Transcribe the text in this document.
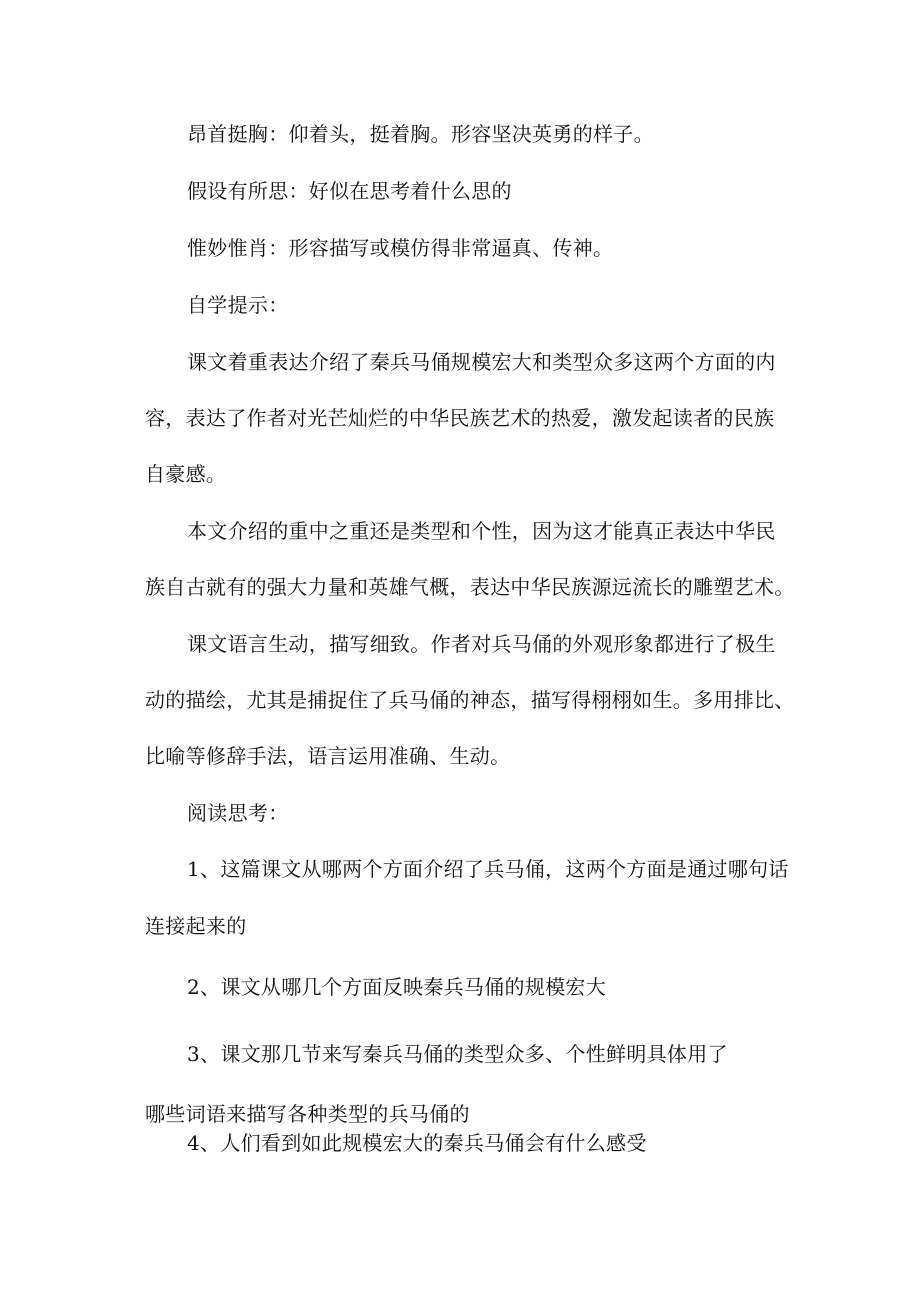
昂首挺胸：仰着头，挺着胸。形容坚决英勇的样子。
假设有所思：好似在思考着什么思的
惟妙惟肖：形容描写或模仿得非常逼真、传神。
自学提示：
课文着重表达介绍了秦兵马俑规模宏大和类型众多这两个方面的内
容，表达了作者对光芒灿烂的中华民族艺术的热爱，激发起读者的民族
自豪感。
本文介绍的重中之重还是类型和个性，因为这才能真正表达中华民
族自古就有的强大力量和英雄气概，表达中华民族源远流长的雕塑艺术。
课文语言生动，描写细致。作者对兵马俑的外观形象都进行了极生
动的描绘，尤其是捕捉住了兵马俑的神态，描写得栩栩如生。多用排比、
比喻等修辞手法，语言运用准确、生动。
阅读思考：
1、这篇课文从哪两个方面介绍了兵马俑，这两个方面是通过哪句话
连接起来的
2、课文从哪几个方面反映秦兵马俑的规模宏大
3、课文那几节来写秦兵马俑的类型众多、个性鲜明具体用了
哪些词语来描写各种类型的兵马俑的
4、人们看到如此规模宏大的秦兵马俑会有什么感受
